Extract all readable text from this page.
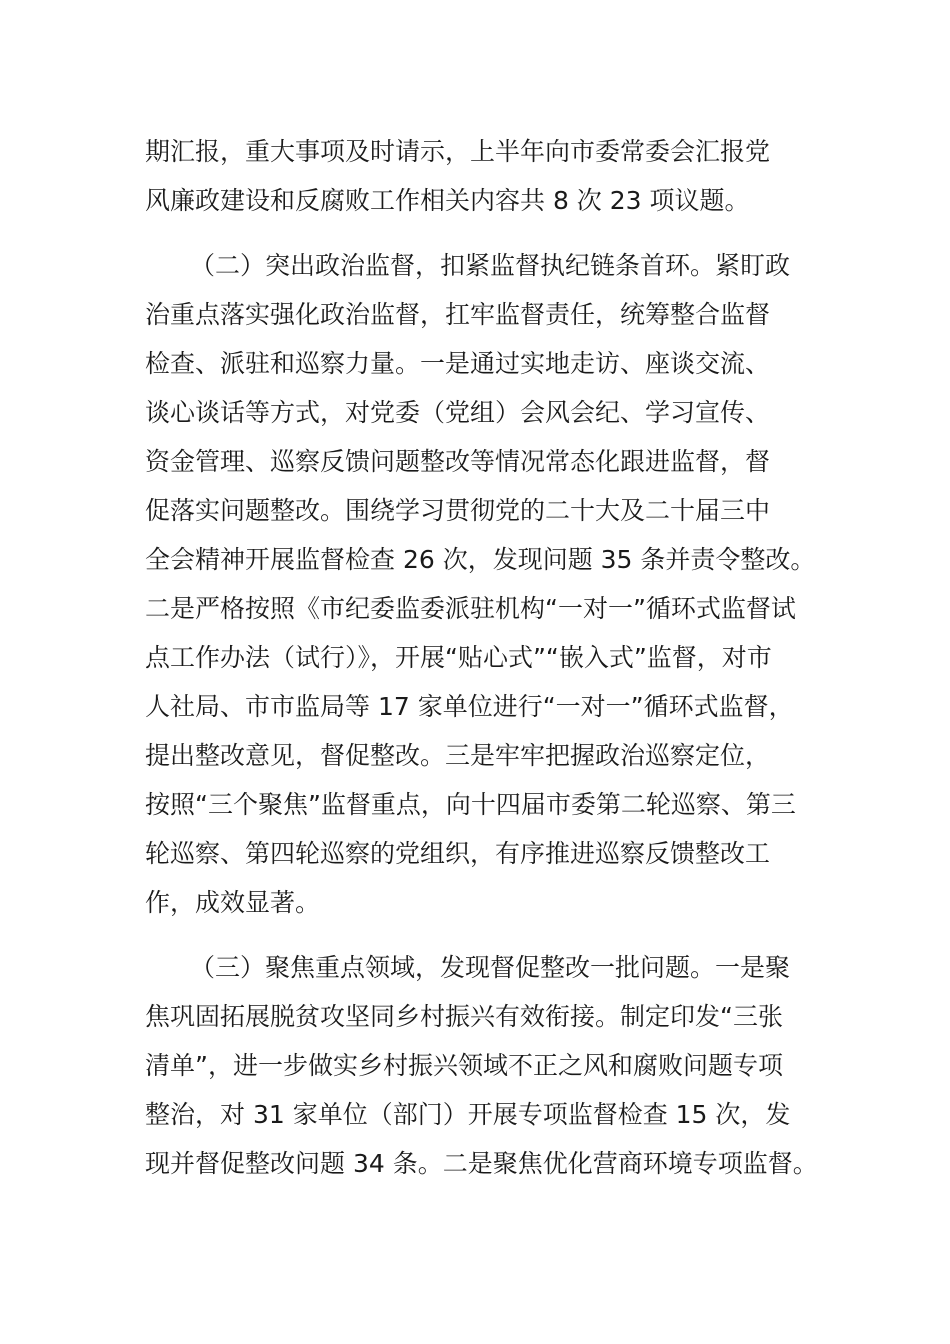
期汇报，重大事项及时请示，上半年向市委常委会汇报党
风廉政建设和反腐败工作相关内容共 8 次 23 项议题。
（二）突出政治监督，扣紧监督执纪链条首环。紧盯政
治重点落实强化政治监督，扛牢监督责任，统筹整合监督
检查、派驻和巡察力量。一是通过实地走访、座谈交流、
谈心谈话等方式，对党委（党组）会风会纪、学习宣传、
资金管理、巡察反馈问题整改等情况常态化跟进监督，督
促落实问题整改。围绕学习贯彻党的二十大及二十届三中
全会精神开展监督检查 26 次，发现问题 35 条并责令整改。
二是严格按照《市纪委监委派驻机构“一对一”循环式监督试
点工作办法（试行）》，开展“贴心式”“嵌入式”监督，对市
人社局、市市监局等 17 家单位进行“一对一”循环式监督，
提出整改意见，督促整改。三是牢牢把握政治巡察定位，
按照“三个聚焦”监督重点，向十四届市委第二轮巡察、第三
轮巡察、第四轮巡察的党组织，有序推进巡察反馈整改工
作，成效显著。
（三）聚焦重点领域，发现督促整改一批问题。一是聚
焦巩固拓展脱贫攻坚同乡村振兴有效衔接。制定印发“三张
清单”，进一步做实乡村振兴领域不正之风和腐败问题专项
整治，对 31 家单位（部门）开展专项监督检查 15 次，发
现并督促整改问题 34 条。二是聚焦优化营商环境专项监督。
